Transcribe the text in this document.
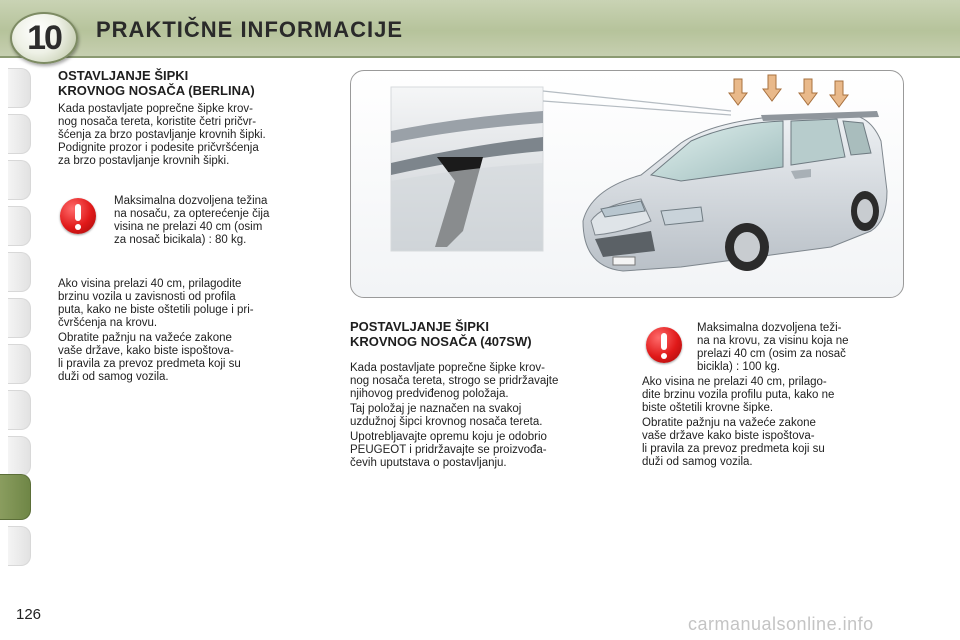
10	PRAKTIČNE INFORMACIJE
OSTAVLJANJE ŠIPKI
KROVNOG NOSAČA (BERLINA)
Kada postavljate poprečne šipke krov-
nog nosača tereta, koristite četri pričvr-
šćenja za brzo postavljanje krovnih šipki.
Podignite prozor i podesite pričvršćenja
za brzo postavljanje krovnih šipki.
Maksimalna dozvoljena težina
na nosaču, za opterećenje čija
visina ne prelazi 40 cm (osim
za nosač bicikala) : 80 kg.
Ako visina prelazi 40 cm, prilagodite
brzinu vozila u zavisnosti od profila
puta, kako ne biste oštetili poluge i pri-
čvršćenja na krovu.
Obratite pažnju na važeće zakone
vaše države, kako biste ispoštova-
li pravila za prevoz predmeta koji su
duži od samog vozila.
POSTAVLJANJE ŠIPKI
KROVNOG NOSAČA (407SW)
Kada postavljate poprečne šipke krov-
nog nosača tereta, strogo se pridržavajte
njihovog predviđenog položaja.
Taj položaj je naznačen na svakoj
uzdužnoj šipci krovnog nosača tereta.
Upotrebljavajte opremu koju je odobrio
PEUGEOT i pridržavajte se proizvođa-
čevih uputstava o postavljanju.
Maksimalna dozvoljena teži-
na na krovu, za visinu koja ne
prelazi 40 cm (osim za nosač
bicikla) : 100 kg.
Ako visina ne prelazi 40 cm, prilago-
dite brzinu vozila profilu puta, kako ne
biste oštetili krovne šipke.
Obratite pažnju na važeće zakone
vaše države kako biste ispoštova-
li pravila za prevoz predmeta koji su
duži od samog vozila.
126	carmanualsonline.info
